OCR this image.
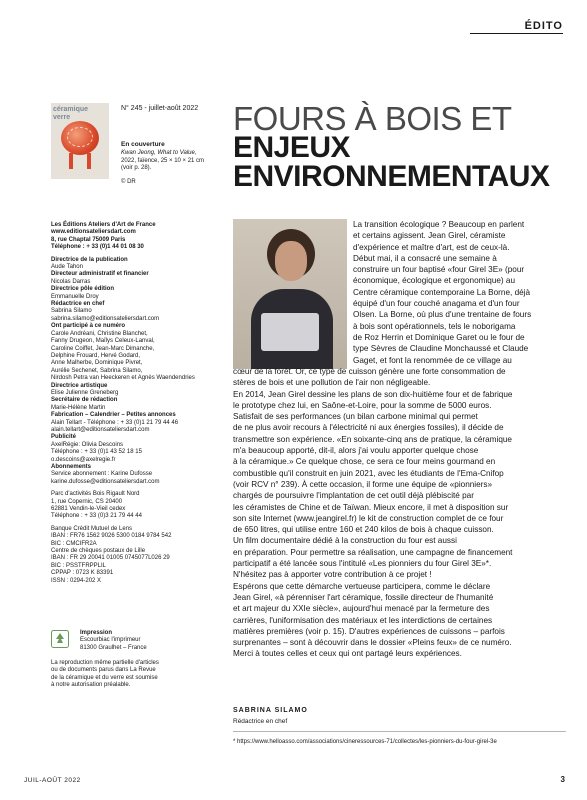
ÉDITO
céramique
verre
N° 245 - juillet-août 2022
En couverture
Kwan Jeong, What to Value,
2022, faïence, 25 × 10 × 21 cm
(voir p. 28).
© DR
Les Éditions Ateliers d'Art de France
www.editionsateliersdart.com
8, rue Chaptal 75009 Paris
Téléphone : + 33 (0)1 44 01 08 30
Directrice de la publication
Aude Tahon
Directeur administratif et financier
Nicolas Darras
Directrice pôle édition
Emmanuelle Droy
Rédactrice en chef
Sabrina Silamo
sabrina.silamo@editionsateliersdart.com
Ont participé à ce numéro
Carole Andréani, Christine Blanchet,
Fanny Drugeon, Maïlys Celeux-Lanval,
Caroline Coiffet, Jean-Marc Dimanche,
Delphine Frouard, Hervé Godard,
Anne Malherbe, Dominique Pivret,
Aurélie Sechenet, Sabrina Silamo,
Nirdosh Petra van Heeckeren et Agnès Waendendries
Directrice artistique
Elise Julienne Greneberg
Secrétaire de rédaction
Marie-Hélène Martin
Fabrication – Calendrier – Petites annonces
Alain Tellart - Téléphone : + 33 (0)1 21 79 44 46
alain.tellart@editionsateliersdart.com
Publicité
AxelRégie: Olivia Descoins
Téléphone : + 33 (0)1 43 52 18 15
o.descoins@axelregie.fr
Abonnements
Service abonnement : Karine Dufosse
karine.dufosse@editionsateliersdart.com
Parc d'activités Bois Rigault Nord
1, rue Copernic, CS 20400
62881 Vendin-le-Vieil cedex
Téléphone : + 33 (0)3 21 79 44 44
Banque Crédit Mutuel de Lens
IBAN : FR76 1562 9026 5300 0184 9784 542
BIC : CMCIFR2A
Centre de chèques postaux de Lille
IBAN : FR 29 20041 01005 0745077L026 29
BIC : PSSTFRPPLIL
CPPAP : 0723 K 83391
ISSN : 0294-202 X
Impression
Escourbiac l'imprimeur
81300 Graulhet – France
La reproduction même partielle d'articles
ou de documents parus dans La Revue
de la céramique et du verre est soumise
à notre autorisation préalable.
FOURS À BOIS ET
ENJEUX
ENVIRONNEMENTAUX
La transition écologique ? Beaucoup en parlent
et certains agissent. Jean Girel, céramiste
d'expérience et maître d'art, est de ceux-là.
Début mai, il a consacré une semaine à
construire un four baptisé «four Girel 3E» (pour
économique, écologique et ergonomique) au
Centre céramique contemporaine La Borne, déjà
équipé d'un four couché anagama et d'un four
Olsen. La Borne, où plus d'une trentaine de fours
à bois sont opérationnels, tels le noborigama
de Roz Herrin et Dominique Garet ou le four de
type Sèvres de Claudine Monchaussé et Claude
Gaget, et font la renommée de ce village au
cœur de la forêt. Or, ce type de cuisson génère une forte consommation de
stères de bois et une pollution de l'air non négligeable.
En 2014, Jean Girel dessine les plans de son dix-huitième four et de fabrique
le prototype chez lui, en Saône-et-Loire, pour la somme de 5000 euros.
Satisfait de ses performances (un bilan carbone minimal qui permet
de ne plus avoir recours à l'électricité ni aux énergies fossiles), il décide de
transmettre son expérience. «En soixante-cinq ans de pratique, la céramique
m'a beaucoup apporté, dit-il, alors j'ai voulu apporter quelque chose
à la céramique.» Ce quelque chose, ce sera ce four meins gourmand en
combustible qu'il construit en juin 2021, avec les étudiants de l'Ema-Cnifop
(voir RCV n° 239). À cette occasion, il forme une équipe de «pionniers»
chargés de poursuivre l'implantation de cet outil déjà plébiscité par
les céramistes de Chine et de Taïwan. Mieux encore, il met à disposition sur
son site Internet (www.jeangirel.fr) le kit de construction complet de ce four
de 650 litres, qui utilise entre 160 et 240 kilos de bois à chaque cuisson.
Un film documentaire dédié à la construction du four est aussi
en préparation. Pour permettre sa réalisation, une campagne de financement
participatif a été lancée sous l'intitulé «Les pionniers du four Girel 3E»*.
N'hésitez pas à apporter votre contribution à ce projet !
Espérons que cette démarche vertueuse participera, comme le déclare
Jean Girel, «à pérenniser l'art céramique, fossile directeur de l'humanité
et art majeur du XXIe siècle», aujourd'hui menacé par la fermeture des
carrières, l'uniformisation des matériaux et les interdictions de certaines
matières premières (voir p. 15). D'autres expériences de cuissons – parfois
surprenantes – sont à découvrir dans le dossier «Pleins feux» de ce numéro.
Merci à toutes celles et ceux qui ont partagé leurs expériences.
SABRINA SILAMO
Rédactrice en chef
* https://www.helloasso.com/associations/cineressources-71/collectes/les-pionniers-du-four-girel-3e
JUIL-AOÛT 2022	3
